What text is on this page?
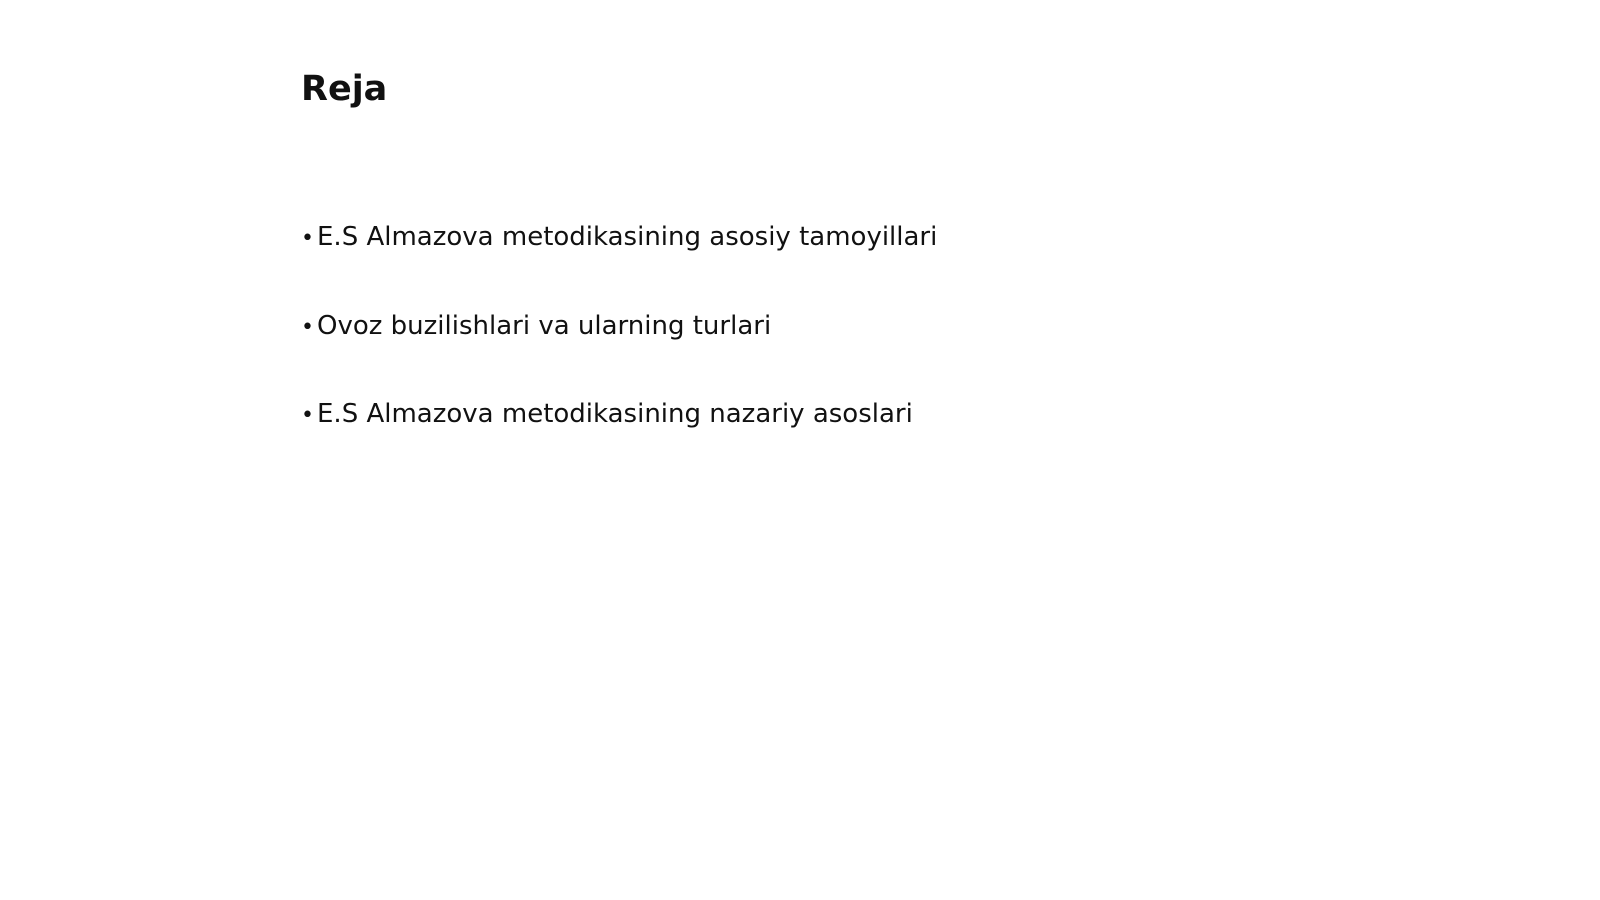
Reja
• E.S Almazova metodikasining asosiy tamoyillari
• Ovoz buzilishlari va ularning turlari
• E.S Almazova metodikasining nazariy asoslari
